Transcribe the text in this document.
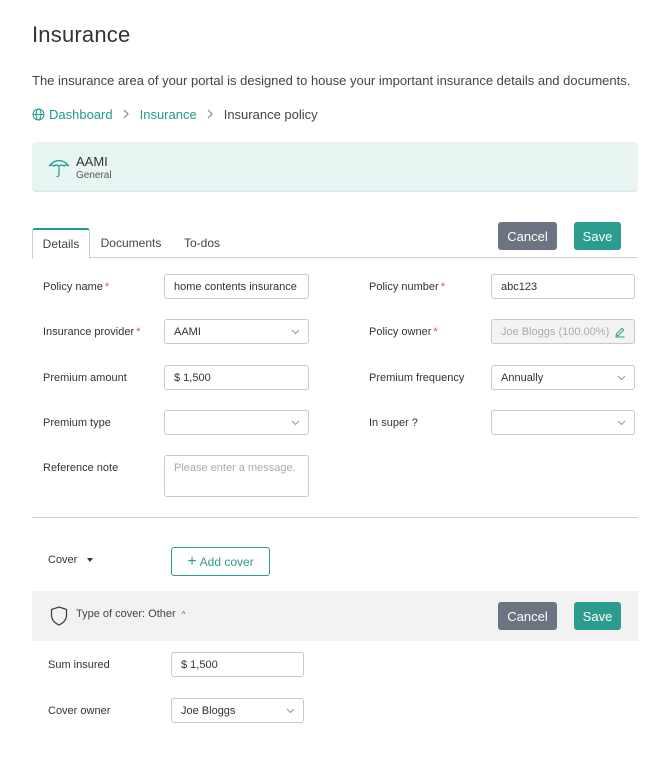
Insurance
The insurance area of your portal is designed to house your important insurance details and documents.
Dashboard Insurance Insurance policy
AAMI
General
Details	Documents	To-dos	Cancel	Save
Policy name *	home contents insurance	Policy number *	abc123
Insurance provider *	AAMI	Policy owner *	Joe Bloggs (100.00%)
Premium amount	$ 1,500	Premium frequency	Annually
Premium type	In super ?
Reference note	Please enter a message.
Cover	+ Add cover
Type of cover: Other ^	Cancel	Save
Sum insured	$ 1,500
Cover owner	Joe Bloggs
